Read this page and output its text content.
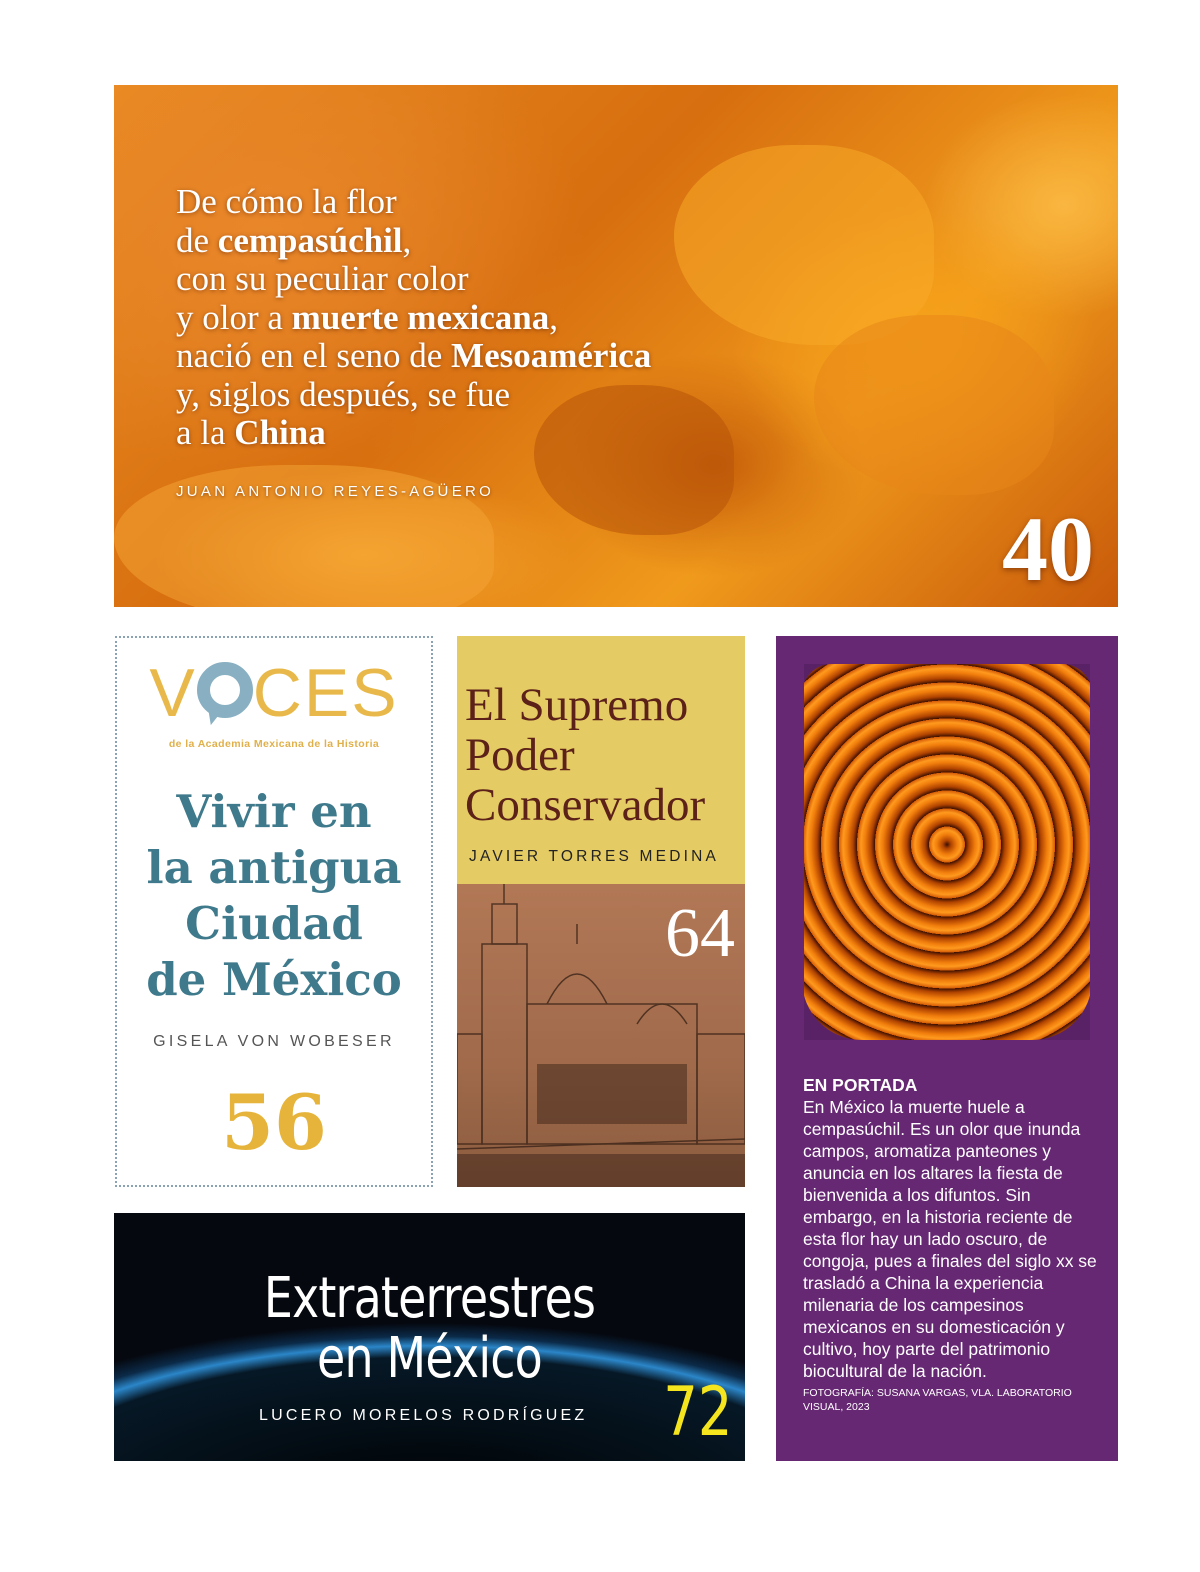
De cómo la flor
de cempasúchil,
con su peculiar color
y olor a muerte mexicana,
nació en el seno de Mesoamérica
y, siglos después, se fue
a la China
JUAN ANTONIO REYES-AGÜERO
40
V CES
de la Academia Mexicana de la Historia
Vivir en
la antigua
Ciudad
de México
GISELA VON WOBESER
56
El Supremo
Poder
Conservador
JAVIER TORRES MEDINA
64
Extraterrestres
en México
LUCERO MORELOS RODRÍGUEZ 72
EN PORTADA
En México la muerte huele a cempasúchil. Es un olor que inunda campos, aromatiza panteones y anuncia en los altares la fiesta de bienvenida a los difuntos. Sin embargo, en la historia reciente de esta flor hay un lado oscuro, de congoja, pues a finales del siglo xx se trasladó a China la experiencia milenaria de los campesinos mexicanos en su domesticación y cultivo, hoy parte del patrimonio biocultural de la nación.
FOTOGRAFÍA: SUSANA VARGAS, VLA. LABORATORIO VISUAL, 2023
